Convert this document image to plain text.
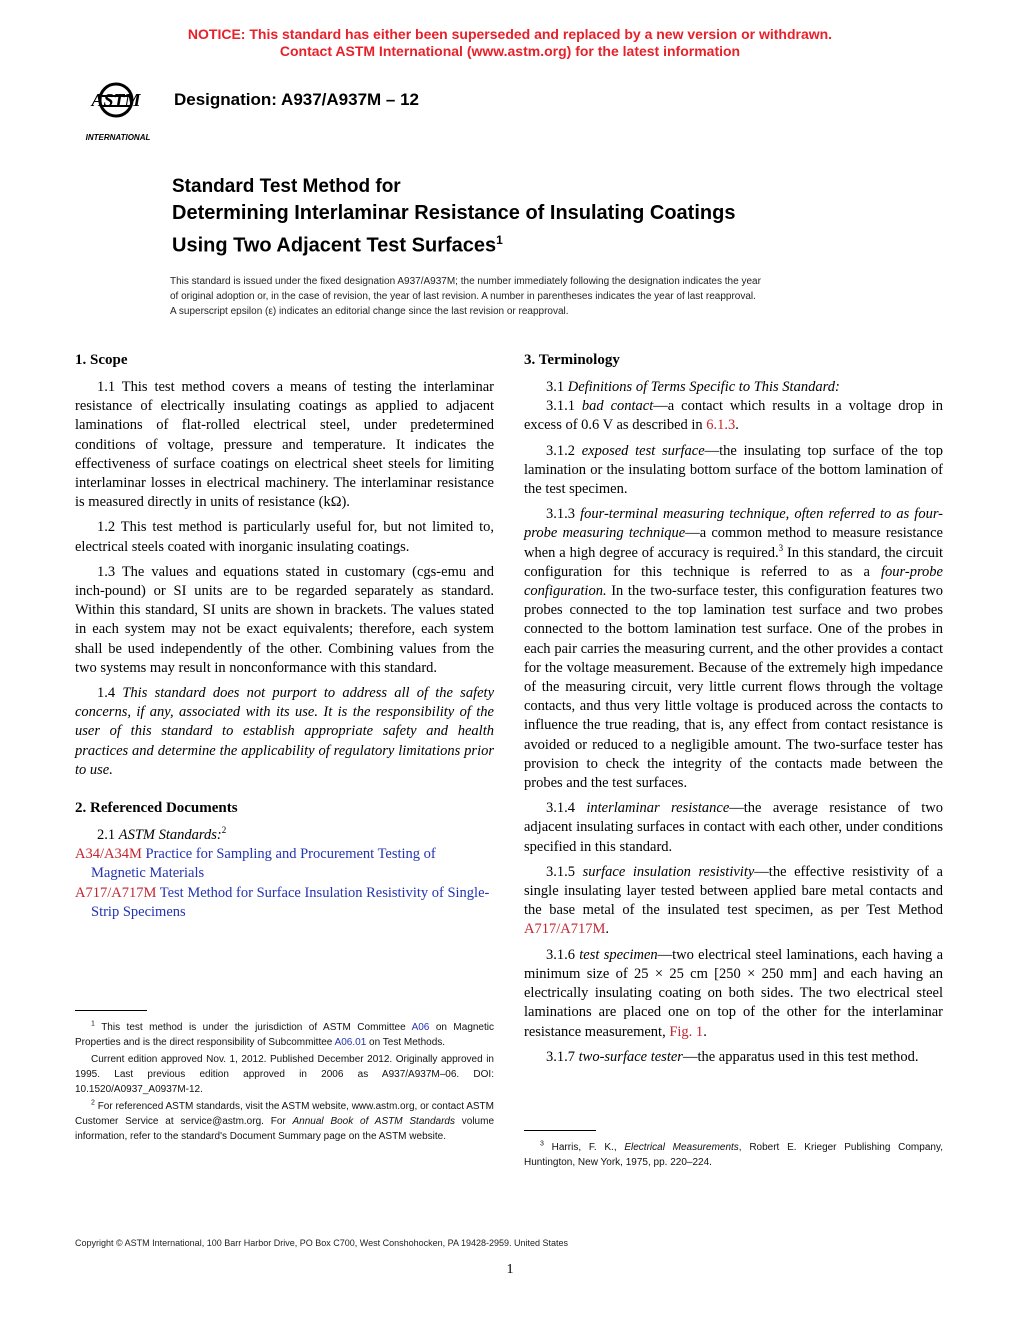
NOTICE: This standard has either been superseded and replaced by a new version or withdrawn.
Contact ASTM International (www.astm.org) for the latest information
ASTM
INTERNATIONAL
Designation: A937/A937M – 12
Standard Test Method for
Determining Interlaminar Resistance of Insulating Coatings
Using Two Adjacent Test Surfaces$^1$
This standard is issued under the fixed designation A937/A937M; the number immediately following the designation indicates the year
of original adoption or, in the case of revision, the year of last revision. A number in parentheses indicates the year of last reapproval.
A superscript epsilon (ε) indicates an editorial change since the last revision or reapproval.
1. Scope

1.1 This test method covers a means of testing the interlaminar resistance of electrically insulating coatings as applied to adjacent laminations of flat-rolled electrical steel, under predetermined conditions of voltage, pressure and temperature. It indicates the effectiveness of surface coatings on electrical sheet steels for limiting interlaminar losses in electrical machinery. The interlaminar resistance is measured directly in units of resistance (kΩ).

1.2 This test method is particularly useful for, but not limited to, electrical steels coated with inorganic insulating coatings.

1.3 The values and equations stated in customary (cgs-emu and inch-pound) or SI units are to be regarded separately as standard. Within this standard, SI units are shown in brackets. The values stated in each system may not be exact equivalents; therefore, each system shall be used independently of the other. Combining values from the two systems may result in nonconformance with this standard.

1.4 This standard does not purport to address all of the safety concerns, if any, associated with its use. It is the responsibility of the user of this standard to establish appropriate safety and health practices and determine the applicability of regulatory limitations prior to use.

2. Referenced Documents

2.1 ASTM Standards:$^2$

A34/A34M Practice for Sampling and Procurement Testing of Magnetic Materials
A717/A717M Test Method for Surface Insulation Resistivity of Single-Strip Specimens

$^1$ This test method is under the jurisdiction of ASTM Committee A06 on Magnetic Properties and is the direct responsibility of Subcommittee A06.01 on Test Methods.

Current edition approved Nov. 1, 2012. Published December 2012. Originally approved in 1995. Last previous edition approved in 2006 as A937/A937M–06. DOI: 10.1520/A0937_A0937M-12.

$^2$ For referenced ASTM standards, visit the ASTM website, www.astm.org, or contact ASTM Customer Service at service@astm.org. For Annual Book of ASTM Standards volume information, refer to the standard's Document Summary page on the ASTM website.

3. Terminology

3.1 Definitions of Terms Specific to This Standard:

3.1.1 bad contact—a contact which results in a voltage drop in excess of 0.6 V as described in 6.1.3.

3.1.2 exposed test surface—the insulating top surface of the top lamination or the insulating bottom surface of the bottom lamination of the test specimen.

3.1.3 four-terminal measuring technique, often referred to as four-probe measuring technique—a common method to measure resistance when a high degree of accuracy is required.$^3$ In this standard, the circuit configuration for this technique is referred to as a four-probe configuration. In the two-surface tester, this configuration features two probes connected to the top lamination test surface and two probes connected to the bottom lamination test surface. One of the probes in each pair carries the measuring current, and the other provides a contact for the voltage measurement. Because of the extremely high impedance of the measuring circuit, very little current flows through the voltage contacts, and thus very little voltage is produced across the contacts to influence the true reading, that is, any effect from contact resistance is avoided or reduced to a negligible amount. The two-surface tester has provision to check the integrity of the contacts made between the probes and the test surfaces.

3.1.4 interlaminar resistance—the average resistance of two adjacent insulating surfaces in contact with each other, under conditions specified in this standard.

3.1.5 surface insulation resistivity—the effective resistivity of a single insulating layer tested between applied bare metal contacts and the base metal of the insulated test specimen, as per Test Method A717/A717M.

3.1.6 test specimen—two electrical steel laminations, each having a minimum size of 25 × 25 cm [250 × 250 mm] and each having an electrically insulating coating on both sides. The two electrical steel laminations are placed one on top of the other for the interlaminar resistance measurement, Fig. 1.

3.1.7 two-surface tester—the apparatus used in this test method.

$^3$ Harris, F. K., Electrical Measurements, Robert E. Krieger Publishing Company, Huntington, New York, 1975, pp. 220–224.

Copyright © ASTM International, 100 Barr Harbor Drive, PO Box C700, West Conshohocken, PA 19428-2959. United States
1
